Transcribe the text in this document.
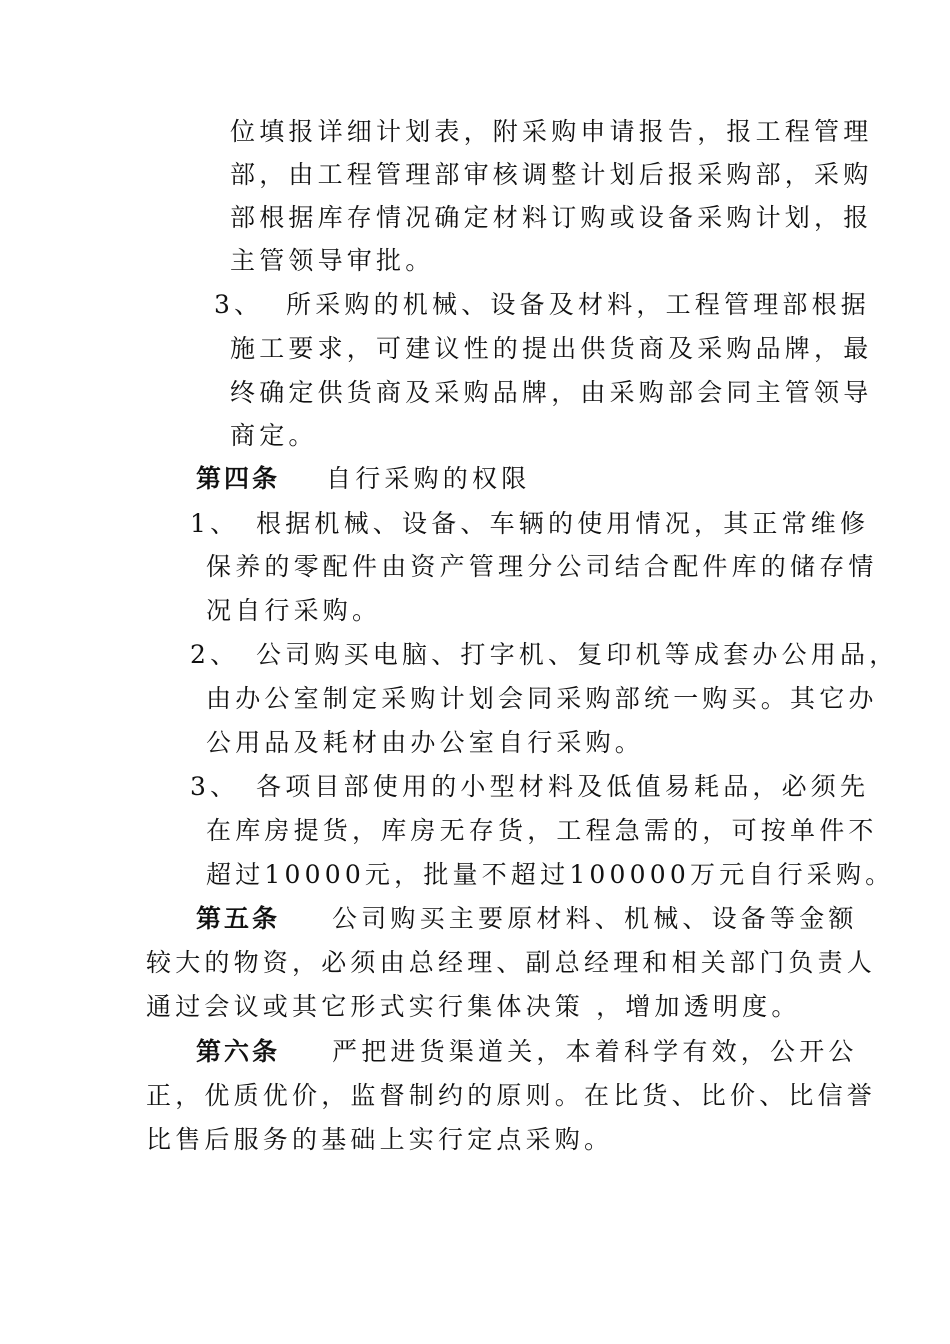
位填报详细计划表，附采购申请报告，报工程管理
部，由工程管理部审核调整计划后报采购部，采购
部根据库存情况确定材料订购或设备采购计划，报
主管领导审批。
3、 所采购的机械、设备及材料，工程管理部根据
施工要求，可建议性的提出供货商及采购品牌，最
终确定供货商及采购品牌，由采购部会同主管领导
商定。
第四条 自行采购的权限
1、 根据机械、设备、车辆的使用情况，其正常维修
保养的零配件由资产管理分公司结合配件库的储存情
况自行采购。
2、 公司购买电脑、打字机、复印机等成套办公用品，
由办公室制定采购计划会同采购部统一购买。其它办
公用品及耗材由办公室自行采购。
3、 各项目部使用的小型材料及低值易耗品，必须先
在库房提货，库房无存货，工程急需的，可按单件不
超过10000元，批量不超过100000万元自行采购。
第五条 公司购买主要原材料、机械、设备等金额
较大的物资，必须由总经理、副总经理和相关部门负责人
通过会议或其它形式实行集体决策 ，增加透明度。
第六条 严把进货渠道关，本着科学有效，公开公
正，优质优价，监督制约的原则。在比货、比价、比信誉
比售后服务的基础上实行定点采购。
